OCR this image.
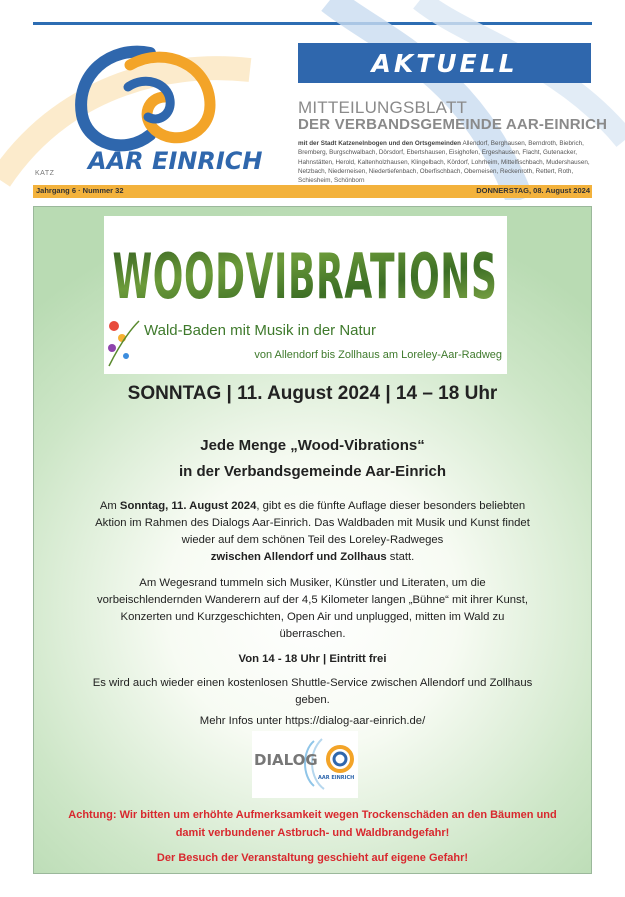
AAR EINRICH
KATZ
AKTUELL
MITTEILUNGSBLATT
DER VERBANDSGEMEINDE AAR-EINRICH
mit der Stadt Katzenelnbogen und den Ortsgemeinden Allendorf, Berghausen, Berndroth, Biebrich, Bremberg, Burgschwalbach, Dörsdorf, Ebertshausen, Eisighofen, Ergeshausen, Flacht, Gutenacker, Hahnstätten, Herold, Kaltenholzhausen, Klingelbach, Kördorf, Lohrheim, Mittelfischbach, Mudershausen, Netzbach, Niederneisen, Niedertiefenbach, Oberfischbach, Oberneisen, Reckenroth, Rettert, Roth, Schiesheim, Schönborn
Jahrgang 6 · Nummer 32	DONNERSTAG, 08. August 2024
WOODVIBRATIONS
Wald-Baden mit Musik in der Natur
von Allendorf bis Zollhaus am Loreley-Aar-Radweg
SONNTAG | 11. August 2024 | 14 – 18 Uhr
Jede Menge „Wood-Vibrations“
in der Verbandsgemeinde Aar-Einrich
Am Sonntag, 11. August 2024, gibt es die fünfte Auflage dieser besonders beliebten Aktion im Rahmen des Dialogs Aar-Einrich. Das Waldbaden mit Musik und Kunst findet wieder auf dem schönen Teil des Loreley-Radweges
zwischen Allendorf und Zollhaus statt.
Am Wegesrand tummeln sich Musiker, Künstler und Literaten, um die vorbeischlendernden Wanderern auf der 4,5 Kilometer langen „Bühne“ mit ihrer Kunst, Konzerten und Kurzgeschichten, Open Air und unplugged, mitten im Wald zu überraschen.
Von 14 - 18 Uhr | Eintritt frei
Es wird auch wieder einen kostenlosen Shuttle-Service zwischen Allendorf und Zollhaus geben.
Mehr Infos unter https://dialog-aar-einrich.de/
DIALOG
AAR EINRICH
Achtung: Wir bitten um erhöhte Aufmerksamkeit wegen Trockenschäden an den Bäumen und damit verbundener Astbruch- und Waldbrandgefahr!
Der Besuch der Veranstaltung geschieht auf eigene Gefahr!
